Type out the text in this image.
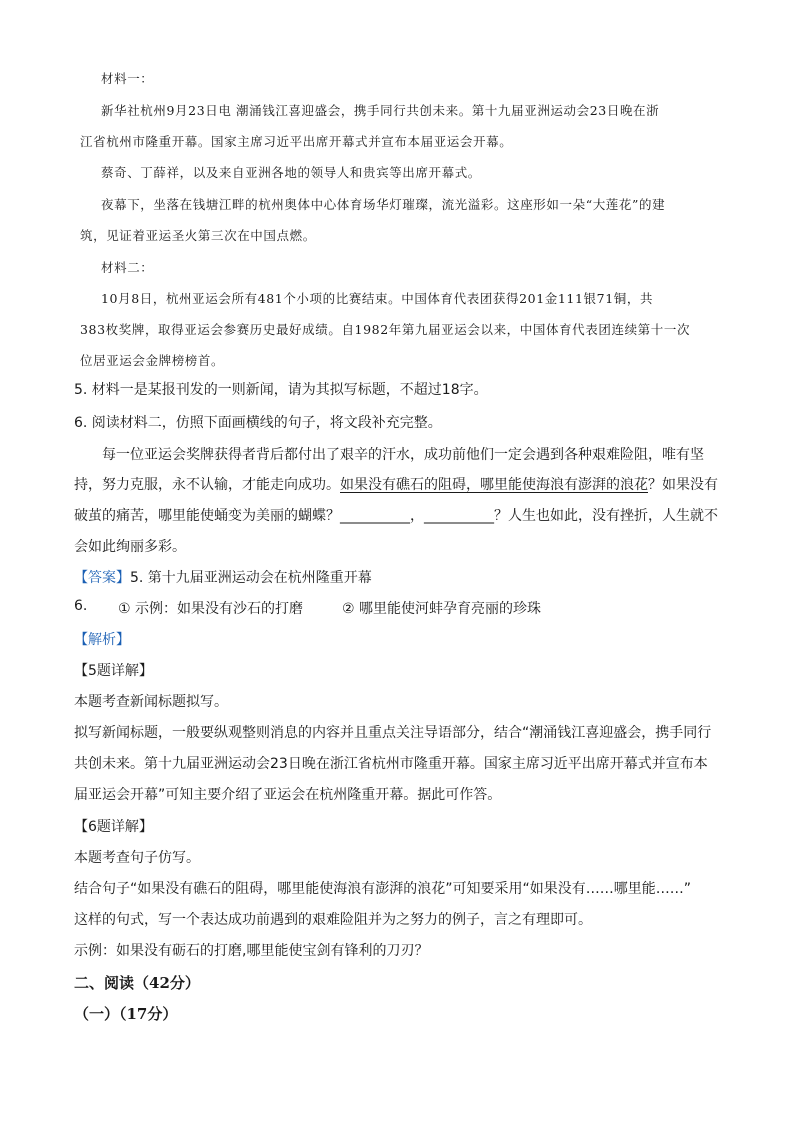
材料一：
新华社杭州9月23日电 潮涌钱江喜迎盛会，携手同行共创未来。第十九届亚洲运动会23日晚在浙
江省杭州市隆重开幕。国家主席习近平出席开幕式并宣布本届亚运会开幕。
蔡奇、丁薛祥，以及来自亚洲各地的领导人和贵宾等出席开幕式。
夜幕下，坐落在钱塘江畔的杭州奥体中心体育场华灯璀璨，流光溢彩。这座形如一朵“大莲花”的建
筑，见证着亚运圣火第三次在中国点燃。
材料二：
10月8日，杭州亚运会所有481个小项的比赛结束。中国体育代表团获得201金111银71铜，共
383枚奖牌，取得亚运会参赛历史最好成绩。自1982年第九届亚运会以来，中国体育代表团连续第十一次
位居亚运会金牌榜榜首。
5. 材料一是某报刊发的一则新闻，请为其拟写标题，不超过18字。
6. 阅读材料二，仿照下面画横线的句子，将文段补充完整。
每一位亚运会奖牌获得者背后都付出了艰辛的汗水，成功前他们一定会遇到各种艰难险阻，唯有坚
持，努力克服，永不认输，才能走向成功。如果没有礁石的阻碍，哪里能使海浪有澎湃的浪花？如果没有
破茧的痛苦，哪里能使蛹变为美丽的蝴蝶？__________，__________？人生也如此，没有挫折，人生就不
会如此绚丽多彩。
【答案】5. 第十九届亚洲运动会在杭州隆重开幕
6. ① 示例：如果没有沙石的打磨	② 哪里能使河蚌孕育亮丽的珍珠
【解析】
【5题详解】
本题考查新闻标题拟写。
拟写新闻标题，一般要纵观整则消息的内容并且重点关注导语部分，结合“潮涌钱江喜迎盛会，携手同行
共创未来。第十九届亚洲运动会23日晚在浙江省杭州市隆重开幕。国家主席习近平出席开幕式并宣布本
届亚运会开幕”可知主要介绍了亚运会在杭州隆重开幕。据此可作答。
【6题详解】
本题考查句子仿写。
结合句子“如果没有礁石的阻碍，哪里能使海浪有澎湃的浪花”可知要采用“如果没有……哪里能……”
这样的句式，写一个表达成功前遇到的艰难险阻并为之努力的例子，言之有理即可。
示例：如果没有砺石的打磨,哪里能使宝剑有锋利的刀刃？
二、阅读（42分）
（一）（17分）
